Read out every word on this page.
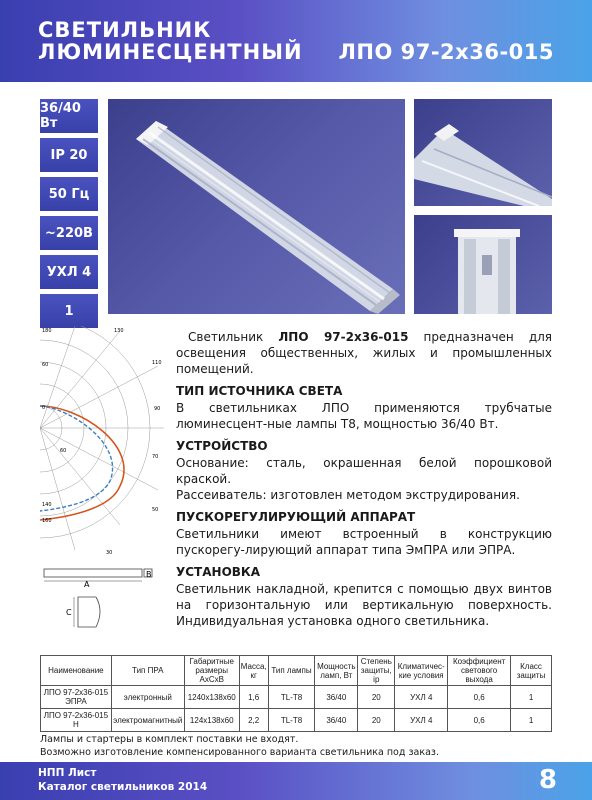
СВЕТИЛЬНИК
ЛЮМИНЕСЦЕНТНЫЙ ЛПО 97-2х36-015
36/40 Вт
IP 20
50 Гц
~220В
УХЛ 4
1
180	130
60	110
0	90
60
70
50
140
160
30

Светильник ЛПО 97-2х36-015 предназначен для освещения общественных, жилых и промышленных помещений.

ТИП ИСТОЧНИКА СВЕТА

В светильниках ЛПО применяются трубчатые люминесцент-ные лампы Т8, мощностью 36/40 Вт.

УСТРОЙСТВО

Основание: сталь, окрашенная белой порошковой краской.

Рассеиватель: изготовлен методом экструдирования.

ПУСКОРЕГУЛИРУЮЩИЙ АППАРАТ

Светильники имеют встроенный в конструкцию пускорегу-лирующий аппарат типа ЭмПРА или ЭПРА.

УСТАНОВКА

Светильник накладной, крепится с помощью двух винтов на горизонтальную или вертикальную поверхность. Индивидуальная установка одного светильника.

A
B
C
Наименование	Тип ПРА	Габаритные размеры АхСхВ	Масса, кг	Тип лампы	Мощность ламп, Вт	Степень защиты, ip	Климатичес-кие условия	Коэффициент светового выхода	Класс защиты
ЛПО 97-2х36-015 ЭПРА	электронный	1240х138х60	1,6	TL-T8	36/40	20	УХЛ 4	0,6	1
ЛПО 97-2х36-015 Н	электромагнитный	124х138х60	2,2	TL-T8	36/40	20	УХЛ 4	0,6	1
Лампы и стартеры в комплект поставки не входят.
Возможно изготовление компенсированного варианта светильника под заказ.
НПП Лист
Каталог светильников 2014	8
